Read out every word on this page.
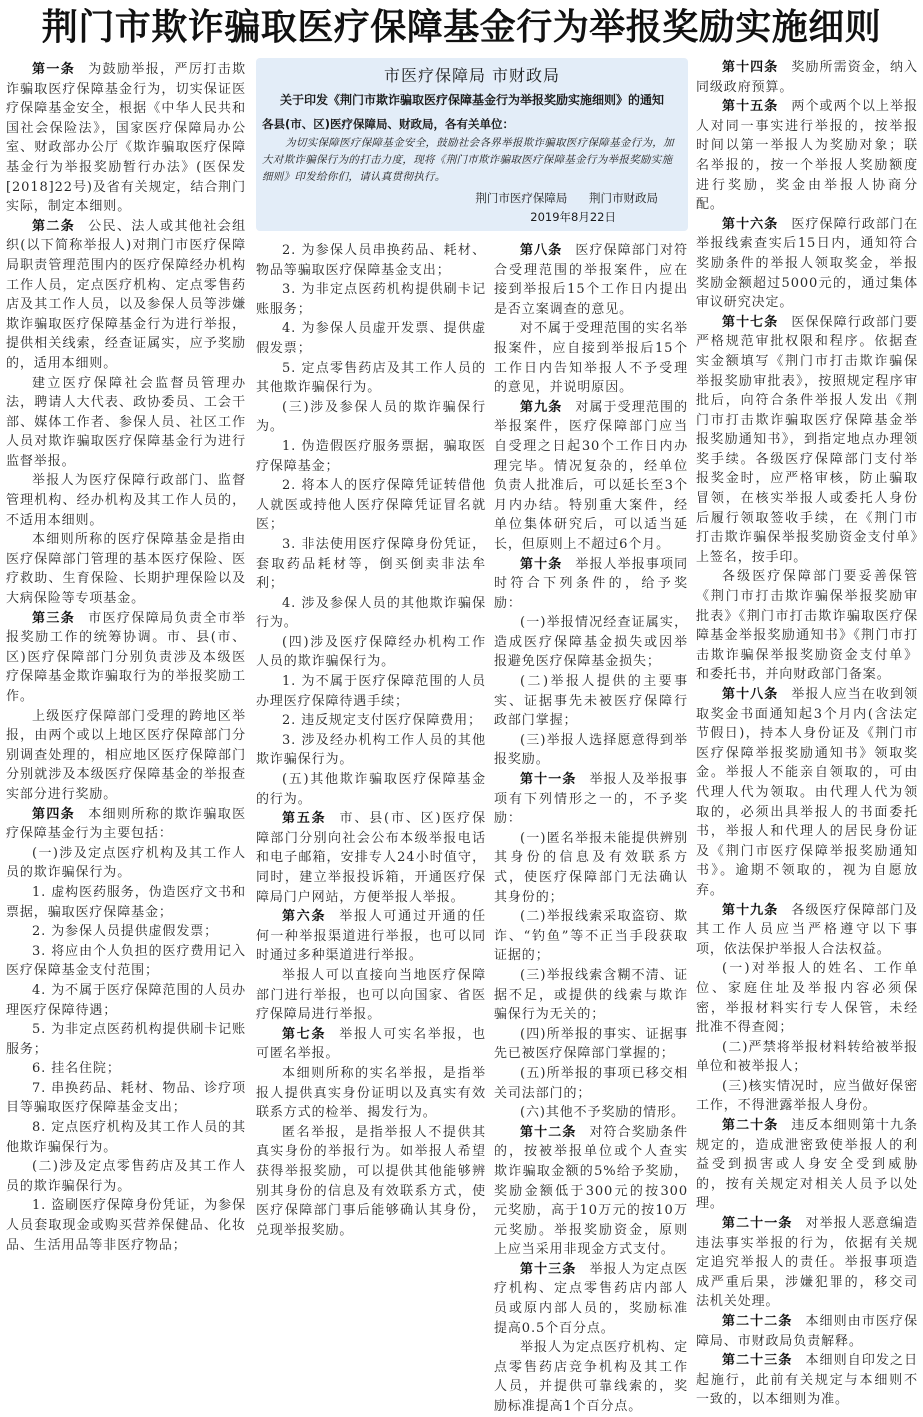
荆门市欺诈骗取医疗保障基金行为举报奖励实施细则
市医疗保障局 市财政局
关于印发《荆门市欺诈骗取医疗保障基金行为举报奖励实施细则》的通知
各县(市、区)医疗保障局、财政局，各有关单位：
为切实保障医疗保障基金安全，鼓励社会各界举报欺诈骗取医疗保障基金行为，加大对欺诈骗保行为的打击力度，现将《荆门市欺诈骗取医疗保障基金行为举报奖励实施细则》印发给你们，请认真贯彻执行。
荆门市医疗保障局 荆门市财政局
2019年8月22日

第一条 为鼓励举报，严厉打击欺诈骗取医疗保障基金行为，切实保证医疗保障基金安全，根据《中华人民共和国社会保险法》，国家医疗保障局办公室、财政部办公厅《欺诈骗取医疗保障基金行为举报奖励暂行办法》(医保发[2018]22号)及省有关规定，结合荆门实际，制定本细则。

第二条 公民、法人或其他社会组织(以下简称举报人)对荆门市医疗保障局职责管理范围内的医疗保障经办机构工作人员，定点医疗机构、定点零售药店及其工作人员，以及参保人员等涉嫌欺诈骗取医疗保障基金行为进行举报，提供相关线索，经查证属实，应予奖励的，适用本细则。

建立医疗保障社会监督员管理办法，聘请人大代表、政协委员、工会干部、媒体工作者、参保人员、社区工作人员对欺诈骗取医疗保障基金行为进行监督举报。

举报人为医疗保障行政部门、监督管理机构、经办机构及其工作人员的，不适用本细则。

本细则所称的医疗保障基金是指由医疗保障部门管理的基本医疗保险、医疗救助、生育保险、长期护理保险以及大病保险等专项基金。

第三条 市医疗保障局负责全市举报奖励工作的统筹协调。市、县(市、区)医疗保障部门分别负责涉及本级医疗保障基金欺诈骗取行为的举报奖励工作。

上级医疗保障部门受理的跨地区举报，由两个或以上地区医疗保障部门分别调查处理的，相应地区医疗保障部门分别就涉及本级医疗保障基金的举报查实部分进行奖励。

第四条 本细则所称的欺诈骗取医疗保障基金行为主要包括：

(一)涉及定点医疗机构及其工作人员的欺诈骗保行为。

1. 虚构医药服务，伪造医疗文书和票据，骗取医疗保障基金；

2. 为参保人员提供虚假发票；

3. 将应由个人负担的医疗费用记入医疗保障基金支付范围；

4. 为不属于医疗保障范围的人员办理医疗保障待遇；

5. 为非定点医药机构提供刷卡记账服务；

6. 挂名住院；

7. 串换药品、耗材、物品、诊疗项目等骗取医疗保障基金支出；

8. 定点医疗机构及其工作人员的其他欺诈骗保行为。

(二)涉及定点零售药店及其工作人员的欺诈骗保行为。

1. 盗刷医疗保障身份凭证，为参保人员套取现金或购买营养保健品、化妆品、生活用品等非医疗物品；

2. 为参保人员串换药品、耗材、物品等骗取医疗保障基金支出；

3. 为非定点医药机构提供刷卡记账服务；

4. 为参保人员虚开发票、提供虚假发票；

5. 定点零售药店及其工作人员的其他欺诈骗保行为。

(三)涉及参保人员的欺诈骗保行为。

1. 伪造假医疗服务票据，骗取医疗保障基金；

2. 将本人的医疗保障凭证转借他人就医或持他人医疗保障凭证冒名就医；

3. 非法使用医疗保障身份凭证，套取药品耗材等，倒买倒卖非法牟利；

4. 涉及参保人员的其他欺诈骗保行为。

(四)涉及医疗保障经办机构工作人员的欺诈骗保行为。

1. 为不属于医疗保障范围的人员办理医疗保障待遇手续；

2. 违反规定支付医疗保障费用；

3. 涉及经办机构工作人员的其他欺诈骗保行为。

(五)其他欺诈骗取医疗保障基金的行为。

第五条 市、县(市、区)医疗保障部门分别向社会公布本级举报电话和电子邮箱，安排专人24小时值守，同时，建立举报投诉箱，开通医疗保障局门户网站，方便举报人举报。

第六条 举报人可通过开通的任何一种举报渠道进行举报，也可以同时通过多种渠道进行举报。

举报人可以直接向当地医疗保障部门进行举报，也可以向国家、省医疗保障局进行举报。

第七条 举报人可实名举报，也可匿名举报。

本细则所称的实名举报，是指举报人提供真实身份证明以及真实有效联系方式的检举、揭发行为。

匿名举报，是指举报人不提供其真实身份的举报行为。如举报人希望获得举报奖励，可以提供其他能够辨别其身份的信息及有效联系方式，使医疗保障部门事后能够确认其身份，兑现举报奖励。

第八条 医疗保障部门对符合受理范围的举报案件，应在接到举报后15个工作日内提出是否立案调查的意见。

对不属于受理范围的实名举报案件，应自接到举报后15个工作日内告知举报人不予受理的意见，并说明原因。

第九条 对属于受理范围的举报案件，医疗保障部门应当自受理之日起30个工作日内办理完毕。情况复杂的，经单位负责人批准后，可以延长至3个月内办结。特别重大案件，经单位集体研究后，可以适当延长，但原则上不超过6个月。

第十条 举报人举报事项同时符合下列条件的，给予奖励：

(一)举报情况经查证属实，造成医疗保障基金损失或因举报避免医疗保障基金损失；

(二)举报人提供的主要事实、证据事先未被医疗保障行政部门掌握；

(三)举报人选择愿意得到举报奖励。

第十一条 举报人及举报事项有下列情形之一的，不予奖励：

(一)匿名举报未能提供辨别其身份的信息及有效联系方式，使医疗保障部门无法确认其身份的；

(二)举报线索采取盗窃、欺诈、“钓鱼”等不正当手段获取证据的；

(三)举报线索含糊不清、证据不足，或提供的线索与欺诈骗保行为无关的；

(四)所举报的事实、证据事先已被医疗保障部门掌握的；

(五)所举报的事项已移交相关司法部门的；

(六)其他不予奖励的情形。

第十二条 对符合奖励条件的，按被举报单位或个人查实欺诈骗取金额的5%给予奖励，奖励金额低于300元的按300元奖励，高于10万元的按10万元奖励。举报奖励资金，原则上应当采用非现金方式支付。

第十三条 举报人为定点医疗机构、定点零售药店内部人员或原内部人员的，奖励标准提高0.5个百分点。

举报人为定点医疗机构、定点零售药店竞争机构及其工作人员，并提供可靠线索的，奖励标准提高1个百分点。

第十四条 奖励所需资金，纳入同级政府预算。

第十五条 两个或两个以上举报人对同一事实进行举报的，按举报时间以第一举报人为奖励对象；联名举报的，按一个举报人奖励额度进行奖励，奖金由举报人协商分配。

第十六条 医疗保障行政部门在举报线索查实后15日内，通知符合奖励条件的举报人领取奖金，举报奖励金额超过5000元的，通过集体审议研究决定。

第十七条 医保保障行政部门要严格规范审批权限和程序。依据查实金额填写《荆门市打击欺诈骗保举报奖励审批表》，按照规定程序审批后，向符合条件举报人发出《荆门市打击欺诈骗取医疗保障基金举报奖励通知书》，到指定地点办理领奖手续。各级医疗保障部门支付举报奖金时，应严格审核，防止骗取冒领，在核实举报人或委托人身份后履行领取签收手续，在《荆门市打击欺诈骗保举报奖励资金支付单》上签名，按手印。

各级医疗保障部门要妥善保管《荆门市打击欺诈骗保举报奖励审批表》《荆门市打击欺诈骗取医疗保障基金举报奖励通知书》《荆门市打击欺诈骗保举报奖励资金支付单》和委托书，并向财政部门备案。

第十八条 举报人应当在收到领取奖金书面通知起3个月内(含法定节假日)，持本人身份证及《荆门市医疗保障举报奖励通知书》领取奖金。举报人不能亲自领取的，可由代理人代为领取。由代理人代为领取的，必须出具举报人的书面委托书，举报人和代理人的居民身份证及《荆门市医疗保障举报奖励通知书》。逾期不领取的，视为自愿放弃。

第十九条 各级医疗保障部门及其工作人员应当严格遵守以下事项，依法保护举报人合法权益。

(一)对举报人的姓名、工作单位、家庭住址及举报内容必须保密，举报材料实行专人保管，未经批准不得查阅；

(二)严禁将举报材料转给被举报单位和被举报人；

(三)核实情况时，应当做好保密工作，不得泄露举报人身份。

第二十条 违反本细则第十九条规定的，造成泄密致使举报人的利益受到损害或人身安全受到威胁的，按有关规定对相关人员予以处理。

第二十一条 对举报人恶意编造违法事实举报的行为，依据有关规定追究举报人的责任。举报事项造成严重后果，涉嫌犯罪的，移交司法机关处理。

第二十二条 本细则由市医疗保障局、市财政局负责解释。

第二十三条 本细则自印发之日起施行，此前有关规定与本细则不一致的，以本细则为准。
